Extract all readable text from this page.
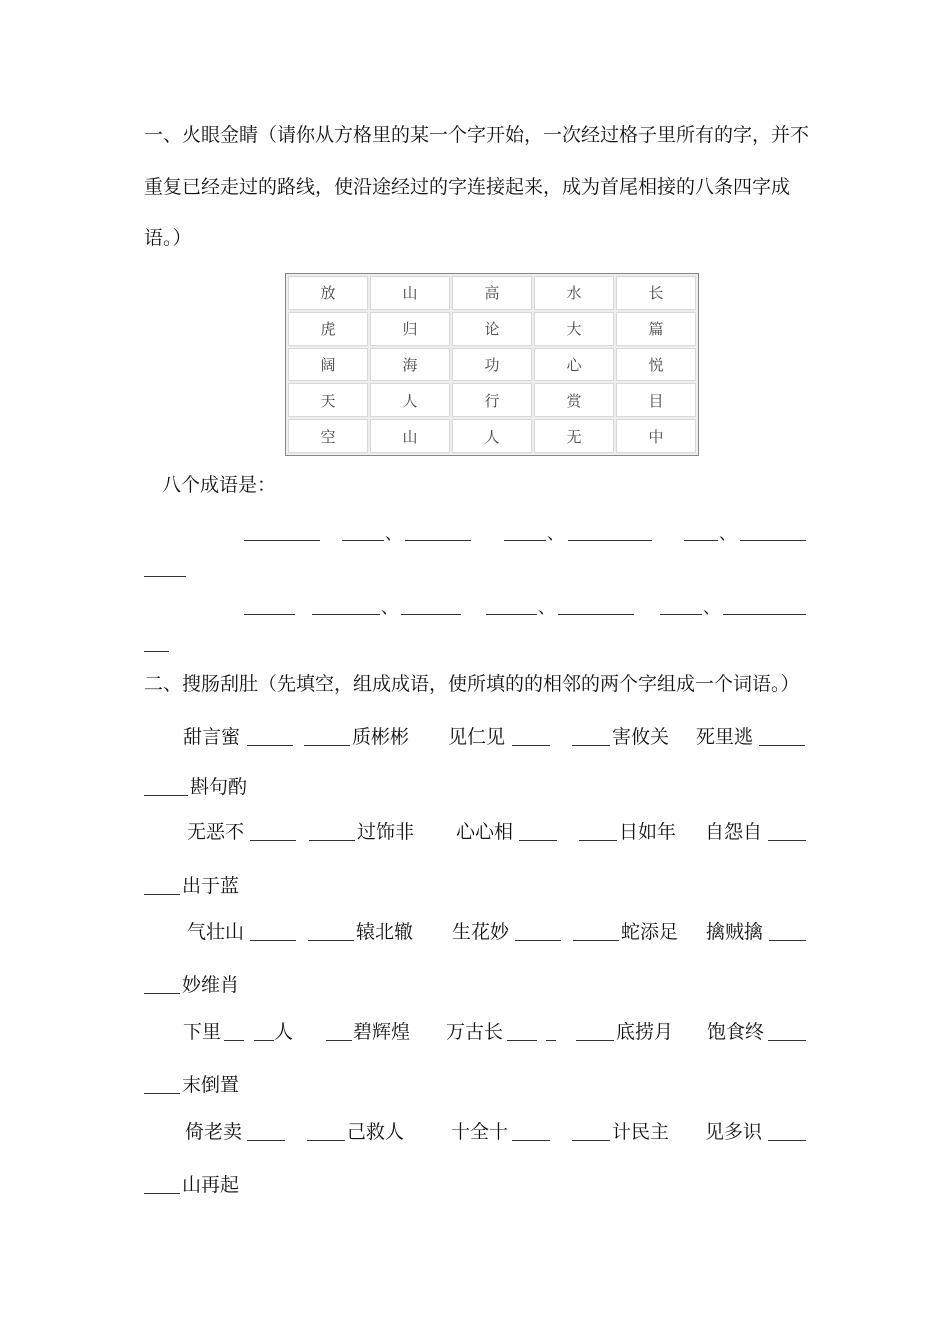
一、火眼金睛（请你从方格里的某一个字开始，一次经过格子里所有的字，并不
重复已经走过的路线，使沿途经过的字连接起来，成为首尾相接的八条四字成
语。）
放	山	高	水	长
虎	归	论	大	篇
阔	海	功	心	悦
天	人	行	赏	目
空	山	人	无	中
八个成语是：
、	、	、
、	、	、
二、搜肠刮肚（先填空，组成成语，使所填的的相邻的两个字组成一个词语。）
甜言蜜	质彬彬 见仁见	害攸关 死里逃
斟句酌
无恶不	过饰非 心心相	日如年 自怨自
出于蓝
气壮山	辕北辙 生花妙	蛇添足 擒贼擒
妙维肖
下里	人	碧辉煌 万古长	底捞月 饱食终
末倒置
倚老卖	己救人 十全十	计民主 见多识
山再起
